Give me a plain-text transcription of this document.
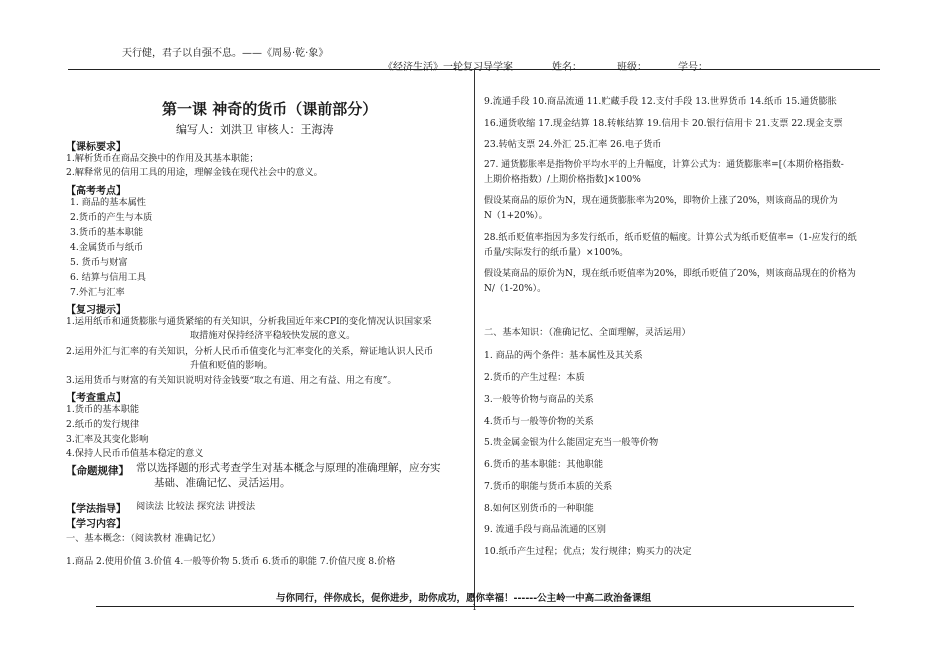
天行健，君子以自强不息。——《周易·乾·象》
《经济生活》一轮复习导学案	姓名：	班级：	学号：
第一课 神奇的货币（课前部分）
编写人：刘洪卫 审核人：王海涛
【课标要求】
1.解析货币在商品交换中的作用及其基本职能；
2.解释常见的信用工具的用途，理解金钱在现代社会中的意义。
【高考考点】
1. 商品的基本属性
2.货币的产生与本质
3.货币的基本职能
4.金属货币与纸币
5. 货币与财富
6. 结算与信用工具
7.外汇与汇率
【复习提示】
1.运用纸币和通货膨胀与通货紧缩的有关知识，分析我国近年来CPI的变化情况认识国家采
取措施对保持经济平稳较快发展的意义。
2.运用外汇与汇率的有关知识，分析人民币币值变化与汇率变化的关系，辩证地认识人民币
升值和贬值的影响。
3.运用货币与财富的有关知识说明对待金钱要“取之有道、用之有益、用之有度”。
【考查重点】
1.货币的基本职能
2.纸币的发行规律
3.汇率及其变化影响
4.保持人民币币值基本稳定的意义
【命题规律】 常以选择题的形式考查学生对基本概念与原理的准确理解，应夯实
基础、准确记忆、灵活运用。
【学法指导】 阅读法 比较法 探究法 讲授法
【学习内容】
一、基本概念：（阅读教材 准确记忆）
1.商品 2.使用价值 3.价值 4.一般等价物 5.货币 6.货币的职能 7.价值尺度 8.价格
9.流通手段 10.商品流通 11.贮藏手段 12.支付手段 13.世界货币 14.纸币 15.通货膨胀
16.通货收缩 17.现金结算 18.转帐结算 19.信用卡 20.银行信用卡 21.支票 22.现金支票
23.转帖支票 24.外汇 25.汇率 26.电子货币
27. 通货膨胀率是指物价平均水平的上升幅度，计算公式为：通货膨胀率=[（本期价格指数-
上期价格指数）/上期价格指数]×100%
假设某商品的原价为N，现在通货膨胀率为20%，即物价上涨了20%，则该商品的现价为
N（1+20%）。
28.纸币贬值率指因为多发行纸币，纸币贬值的幅度。计算公式为纸币贬值率=（1-应发行的纸
币量/实际发行的纸币量）×100%。
假设某商品的原价为N，现在纸币贬值率为20%，即纸币贬值了20%，则该商品现在的价格为
N/（1-20%）。
二、基本知识：（准确记忆、全面理解，灵活运用）
1. 商品的两个条件：基本属性及其关系
2.货币的产生过程：本质
3.一般等价物与商品的关系
4.货币与一般等价物的关系
5.贵金属金银为什么能固定充当一般等价物
6.货币的基本职能：其他职能
7.货币的职能与货币本质的关系
8.如何区别货币的一种职能
9. 流通手段与商品流通的区别
10.纸币产生过程；优点；发行规律；购买力的决定
与你同行，伴你成长，促你进步，助你成功，愿你幸福！------公主岭一中高二政治备课组
1
